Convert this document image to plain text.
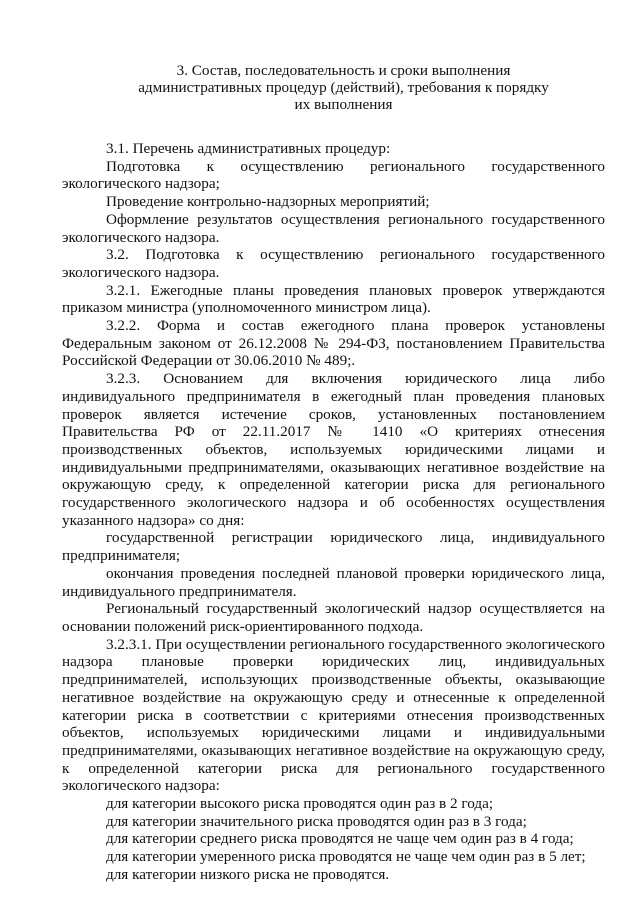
3. Состав, последовательность и сроки выполнения
административных процедур (действий), требования к порядку
их выполнения

3.1. Перечень административных процедур:

Подготовка к осуществлению регионального государственного экологического надзора;

Проведение контрольно-надзорных мероприятий;

Оформление результатов осуществления регионального государственного экологического надзора.

3.2. Подготовка к осуществлению регионального государственного экологического надзора.

3.2.1. Ежегодные планы проведения плановых проверок утверждаются приказом министра (уполномоченного министром лица).

3.2.2. Форма и состав ежегодного плана проверок установлены Федеральным законом от 26.12.2008 № 294-ФЗ, постановлением Правительства Российской Федерации от 30.06.2010 № 489;.

3.2.3. Основанием для включения юридического лица либо индивидуального предпринимателя в ежегодный план проведения плановых проверок является истечение сроков, установленных постановлением Правительства РФ от 22.11.2017 № 1410 «О критериях отнесения производственных объектов, используемых юридическими лицами и индивидуальными предпринимателями, оказывающих негативное воздействие на окружающую среду, к определенной категории риска для регионального государственного экологического надзора и об особенностях осуществления указанного надзора» со дня:

государственной регистрации юридического лица, индивидуального предпринимателя;

окончания проведения последней плановой проверки юридического лица, индивидуального предпринимателя.

Региональный государственный экологический надзор осуществляется на основании положений риск-ориентированного подхода.

3.2.3.1. При осуществлении регионального государственного экологического надзора плановые проверки юридических лиц, индивидуальных предпринимателей, использующих производственные объекты, оказывающие негативное воздействие на окружающую среду и отнесенные к определенной категории риска в соответствии с критериями отнесения производственных объектов, используемых юридическими лицами и индивидуальными предпринимателями, оказывающих негативное воздействие на окружающую среду, к определенной категории риска для регионального государственного экологического надзора:

для категории высокого риска проводятся один раз в 2 года;

для категории значительного риска проводятся один раз в 3 года;

для категории среднего риска проводятся не чаще чем один раз в 4 года;

для категории умеренного риска проводятся не чаще чем один раз в 5 лет;

для категории низкого риска не проводятся.
